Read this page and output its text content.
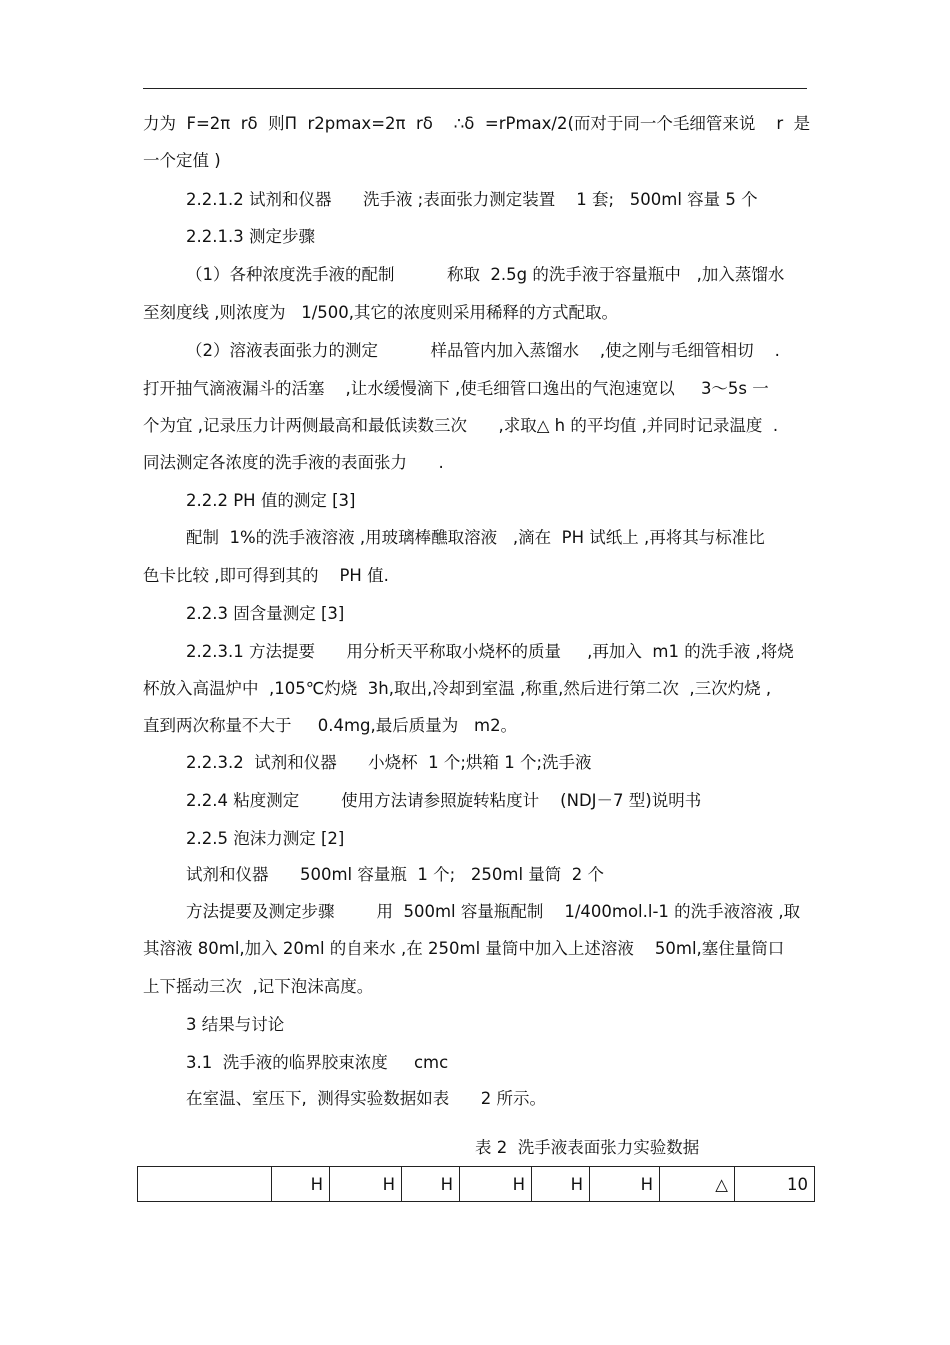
力为  F=2π  rδ  则Π  r2pmax=2π  rδ    ∴δ  =rPmax/2(而对于同一个毛细管来说    r  是
一个定值 )
2.2.1.2 试剂和仪器      洗手液 ;表面张力测定装置    1 套;   500ml 容量 5 个
2.2.1.3 测定步骤
（1）各种浓度洗手液的配制          称取  2.5g 的洗手液于容量瓶中   ,加入蒸馏水
至刻度线 ,则浓度为   1/500,其它的浓度则采用稀释的方式配取。
（2）溶液表面张力的测定          样品管内加入蒸馏水    ,使之刚与毛细管相切    .
打开抽气滴液漏斗的活塞    ,让水缓慢滴下 ,使毛细管口逸出的气泡速宽以     3～5s 一
个为宜 ,记录压力计两侧最高和最低读数三次      ,求取△ h 的平均值 ,并同时记录温度  .
同法测定各浓度的洗手液的表面张力      .
2.2.2 PH 值的测定 [3]
配制  1%的洗手液溶液 ,用玻璃棒醮取溶液   ,滴在  PH 试纸上 ,再将其与标准比
色卡比较 ,即可得到其的    PH 值.
2.2.3 固含量测定 [3]
2.2.3.1 方法提要      用分析天平称取小烧杯的质量     ,再加入  m1 的洗手液 ,将烧
杯放入高温炉中  ,105℃灼烧  3h,取出,冷却到室温 ,称重,然后进行第二次  ,三次灼烧 ,
直到两次称量不大于     0.4mg,最后质量为   m2。
2.2.3.2  试剂和仪器      小烧杯  1 个;烘箱 1 个;洗手液
2.2.4 粘度测定        使用方法请参照旋转粘度计    (NDJ－7 型)说明书
2.2.5 泡沫力测定 [2]
试剂和仪器      500ml 容量瓶  1 个;   250ml 量筒  2 个
方法提要及测定步骤        用  500ml 容量瓶配制    1/400mol.l-1 的洗手液溶液 ,取
其溶液 80ml,加入 20ml 的自来水 ,在 250ml 量筒中加入上述溶液    50ml,塞住量筒口
上下摇动三次  ,记下泡沫高度。
3 结果与讨论
3.1  洗手液的临界胶束浓度     cmc
在室温、室压下,  测得实验数据如表      2 所示。
表 2  洗手液表面张力实验数据
	H	H	H	H	H	H	△	10
